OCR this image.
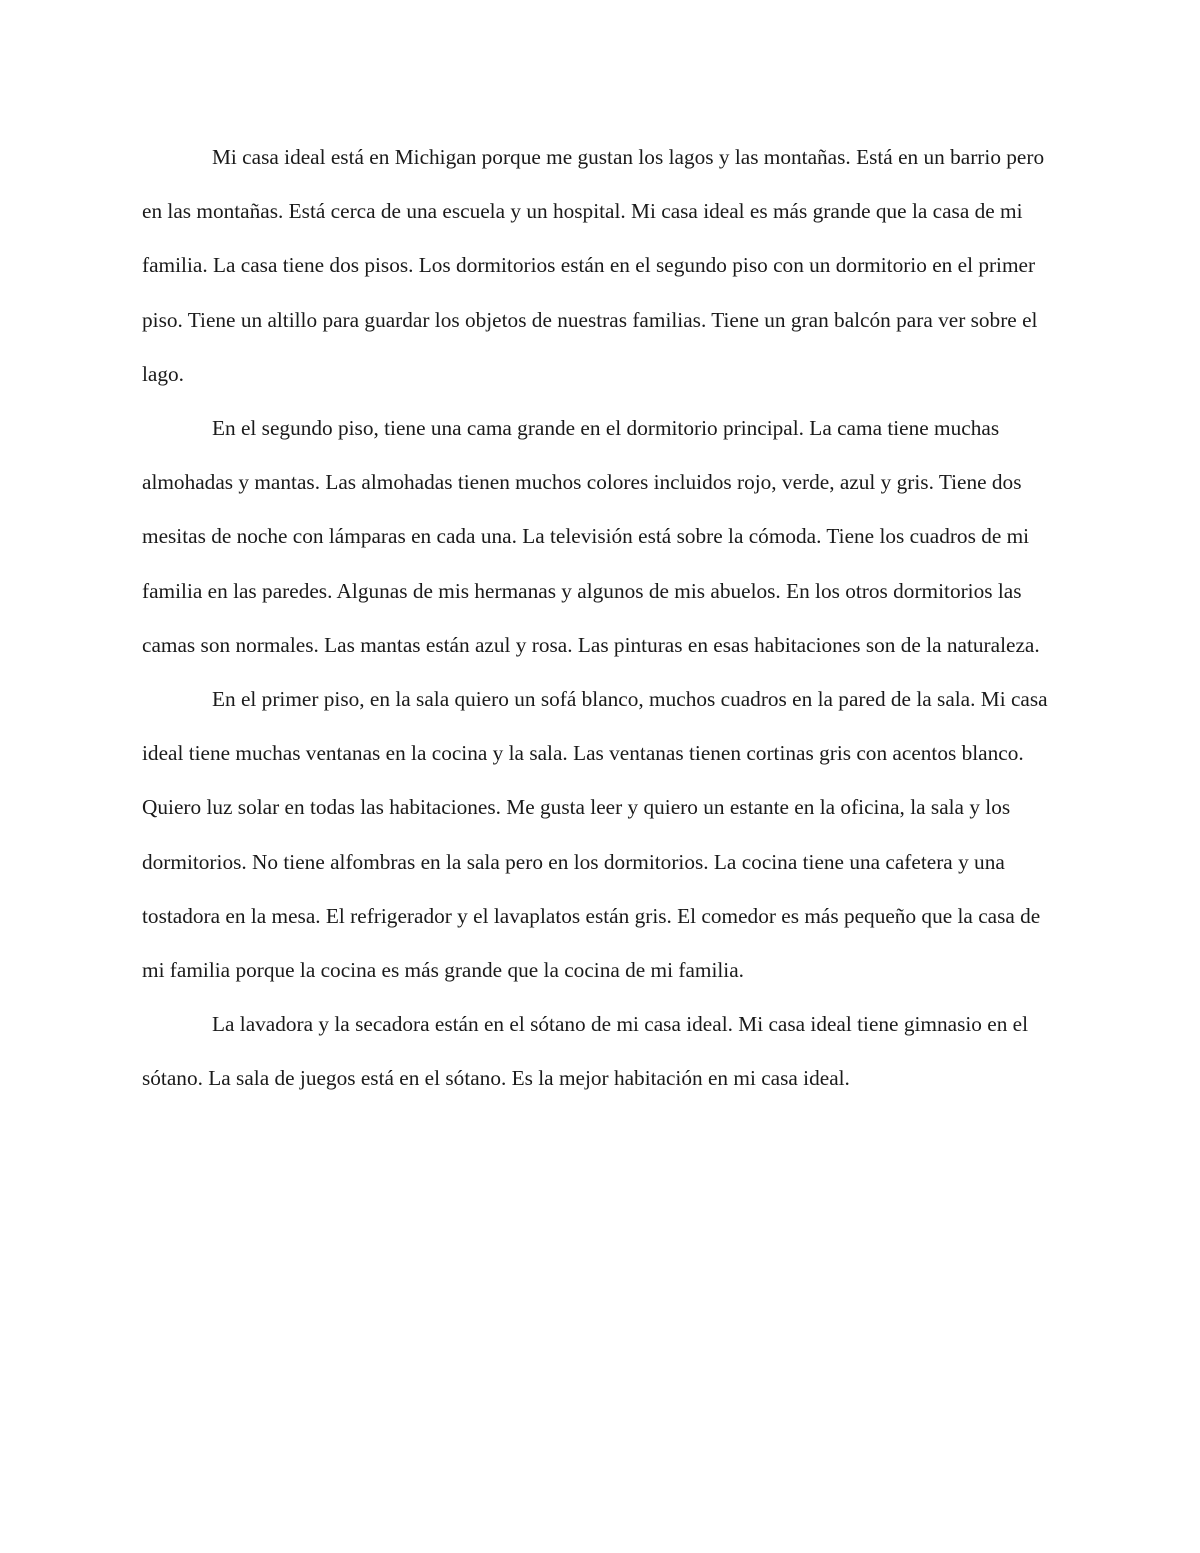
Mi casa ideal está en Michigan porque me gustan los lagos y las montañas. Está en un barrio pero en las montañas. Está cerca de una escuela y un hospital. Mi casa ideal es más grande que la casa de mi familia. La casa tiene dos pisos. Los dormitorios están en el segundo piso con un dormitorio en el primer piso. Tiene un altillo para guardar los objetos de nuestras familias. Tiene un gran balcón para ver sobre el lago.

En el segundo piso, tiene una cama grande en el dormitorio principal. La cama tiene muchas almohadas y mantas. Las almohadas tienen muchos colores incluidos rojo, verde, azul y gris. Tiene dos mesitas de noche con lámparas en cada una. La televisión está sobre la cómoda. Tiene los cuadros de mi familia en las paredes. Algunas de mis hermanas y algunos de mis abuelos. En los otros dormitorios las camas son normales. Las mantas están azul y rosa. Las pinturas en esas habitaciones son de la naturaleza.

En el primer piso, en la sala quiero un sofá blanco, muchos cuadros en la pared de la sala. Mi casa ideal tiene muchas ventanas en la cocina y la sala. Las ventanas tienen cortinas gris con acentos blanco. Quiero luz solar en todas las habitaciones. Me gusta leer y quiero un estante en la oficina, la sala y los dormitorios. No tiene alfombras en la sala pero en los dormitorios. La cocina tiene una cafetera y una tostadora en la mesa. El refrigerador y el lavaplatos están gris. El comedor es más pequeño que la casa de mi familia porque la cocina es más grande que la cocina de mi familia.

La lavadora y la secadora están en el sótano de mi casa ideal. Mi casa ideal tiene gimnasio en el sótano. La sala de juegos está en el sótano. Es la mejor habitación en mi casa ideal.
